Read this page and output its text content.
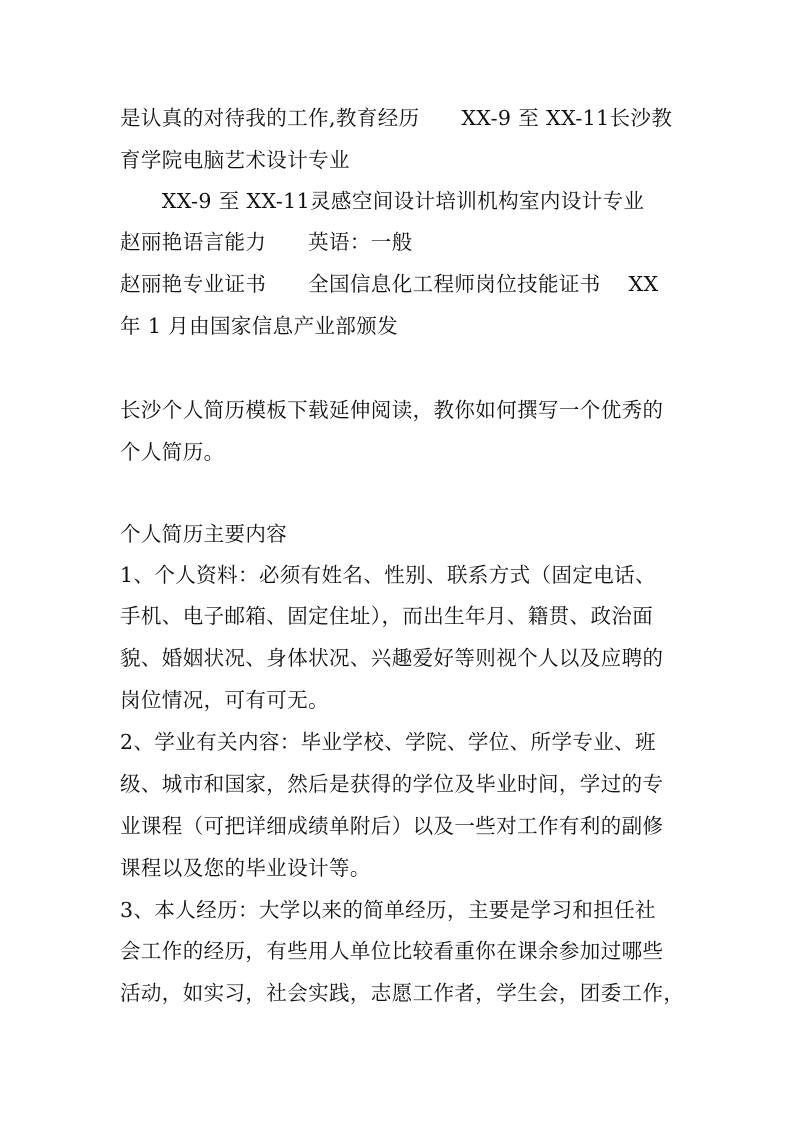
是认真的对待我的工作,教育经历　　XX-9 至 XX-11长沙教
育学院电脑艺术设计专业
　　XX-9 至 XX-11灵感空间设计培训机构室内设计专业
赵丽艳语言能力　　英语：一般
赵丽艳专业证书　　全国信息化工程师岗位技能证书　 XX
年 1 月由国家信息产业部颁发
长沙个人简历模板下载延伸阅读，教你如何撰写一个优秀的
个人简历。
个人简历主要内容
1、个人资料：必须有姓名、性别、联系方式（固定电话、
手机、电子邮箱、固定住址），而出生年月、籍贯、政治面
貌、婚姻状况、身体状况、兴趣爱好等则视个人以及应聘的
岗位情况，可有可无。
2、学业有关内容：毕业学校、学院、学位、所学专业、班
级、城市和国家，然后是获得的学位及毕业时间，学过的专
业课程（可把详细成绩单附后）以及一些对工作有利的副修
课程以及您的毕业设计等。
3、本人经历：大学以来的简单经历，主要是学习和担任社
会工作的经历，有些用人单位比较看重你在课余参加过哪些
活动，如实习，社会实践，志愿工作者，学生会，团委工作，
